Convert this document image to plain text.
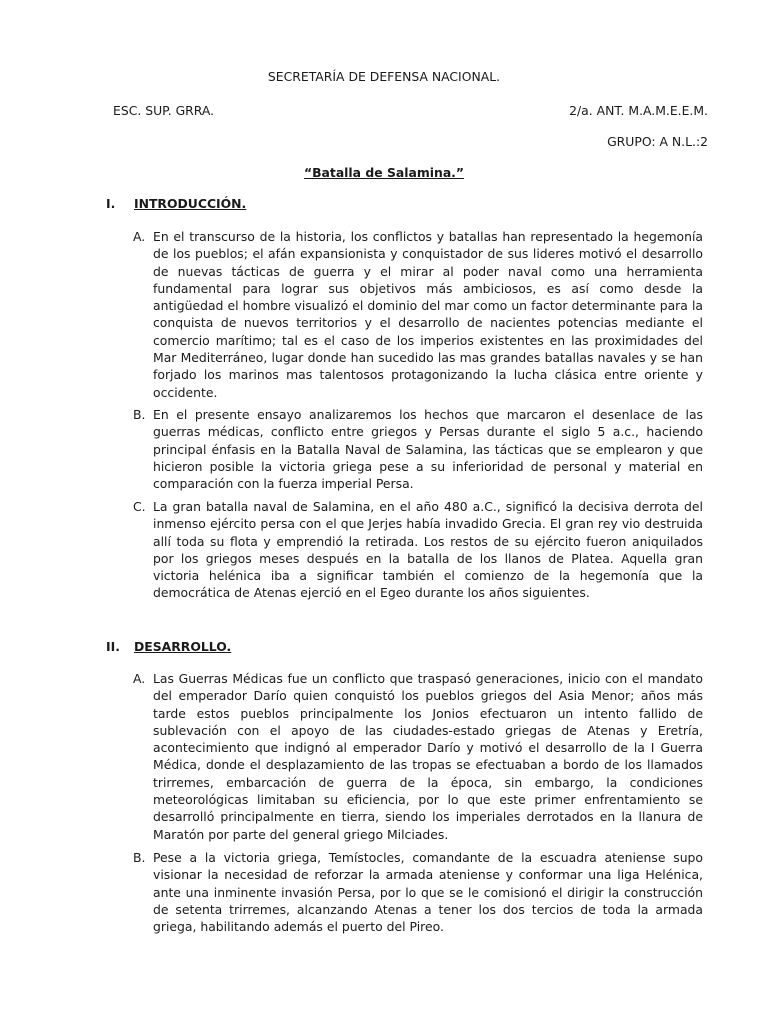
SECRETARÍA DE DEFENSA NACIONAL.
ESC. SUP. GRRA.	2/a. ANT. M.A.M.E.E.M.
GRUPO: A N.L.:2
“Batalla de Salamina.”
I.	INTRODUCCIÓN.
A. En el transcurso de la historia, los conflictos y batallas han representado la hegemonía de los pueblos; el afán expansionista y conquistador de sus lideres motivó el desarrollo de nuevas tácticas de guerra y el mirar al poder naval como una herramienta fundamental para lograr sus objetivos más ambiciosos, es así como desde la antigüedad el hombre visualizó el dominio del mar como un factor determinante para la conquista de nuevos territorios y el desarrollo de nacientes potencias mediante el comercio marítimo; tal es el caso de los imperios existentes en las proximidades del Mar Mediterráneo, lugar donde han sucedido las mas grandes batallas navales y se han forjado los marinos mas talentosos protagonizando la lucha clásica entre oriente y occidente.
B. En el presente ensayo analizaremos los hechos que marcaron el desenlace de las guerras médicas, conflicto entre griegos y Persas durante el siglo 5 a.c., haciendo principal énfasis en la Batalla Naval de Salamina, las tácticas que se emplearon y que hicieron posible la victoria griega pese a su inferioridad de personal y material en comparación con la fuerza imperial Persa.
C. La gran batalla naval de Salamina, en el año 480 a.C., significó la decisiva derrota del inmenso ejército persa con el que Jerjes había invadido Grecia. El gran rey vio destruida allí toda su flota y emprendió la retirada. Los restos de su ejército fueron aniquilados por los griegos meses después en la batalla de los llanos de Platea. Aquella gran victoria helénica iba a significar también el comienzo de la hegemonía que la democrática de Atenas ejerció en el Egeo durante los años siguientes.
II.	DESARROLLO.
A. Las Guerras Médicas fue un conflicto que traspasó generaciones, inicio con el mandato del emperador Darío quien conquistó los pueblos griegos del Asia Menor; años más tarde estos pueblos principalmente los Jonios efectuaron un intento fallido de sublevación con el apoyo de las ciudades-estado griegas de Atenas y Eretría, acontecimiento que indignó al emperador Darío y motivó el desarrollo de la I Guerra Médica, donde el desplazamiento de las tropas se efectuaban a bordo de los llamados trirremes, embarcación de guerra de la época, sin embargo, la condiciones meteorológicas limitaban su eficiencia, por lo que este primer enfrentamiento se desarrolló principalmente en tierra, siendo los imperiales derrotados en la llanura de Maratón por parte del general griego Milciades.
B. Pese a la victoria griega, Temístocles, comandante de la escuadra ateniense supo visionar la necesidad de reforzar la armada ateniense y conformar una liga Helénica, ante una inminente invasión Persa, por lo que se le comisionó el dirigir la construcción de setenta trirremes, alcanzando Atenas a tener los dos tercios de toda la armada griega, habilitando además el puerto del Pireo.
